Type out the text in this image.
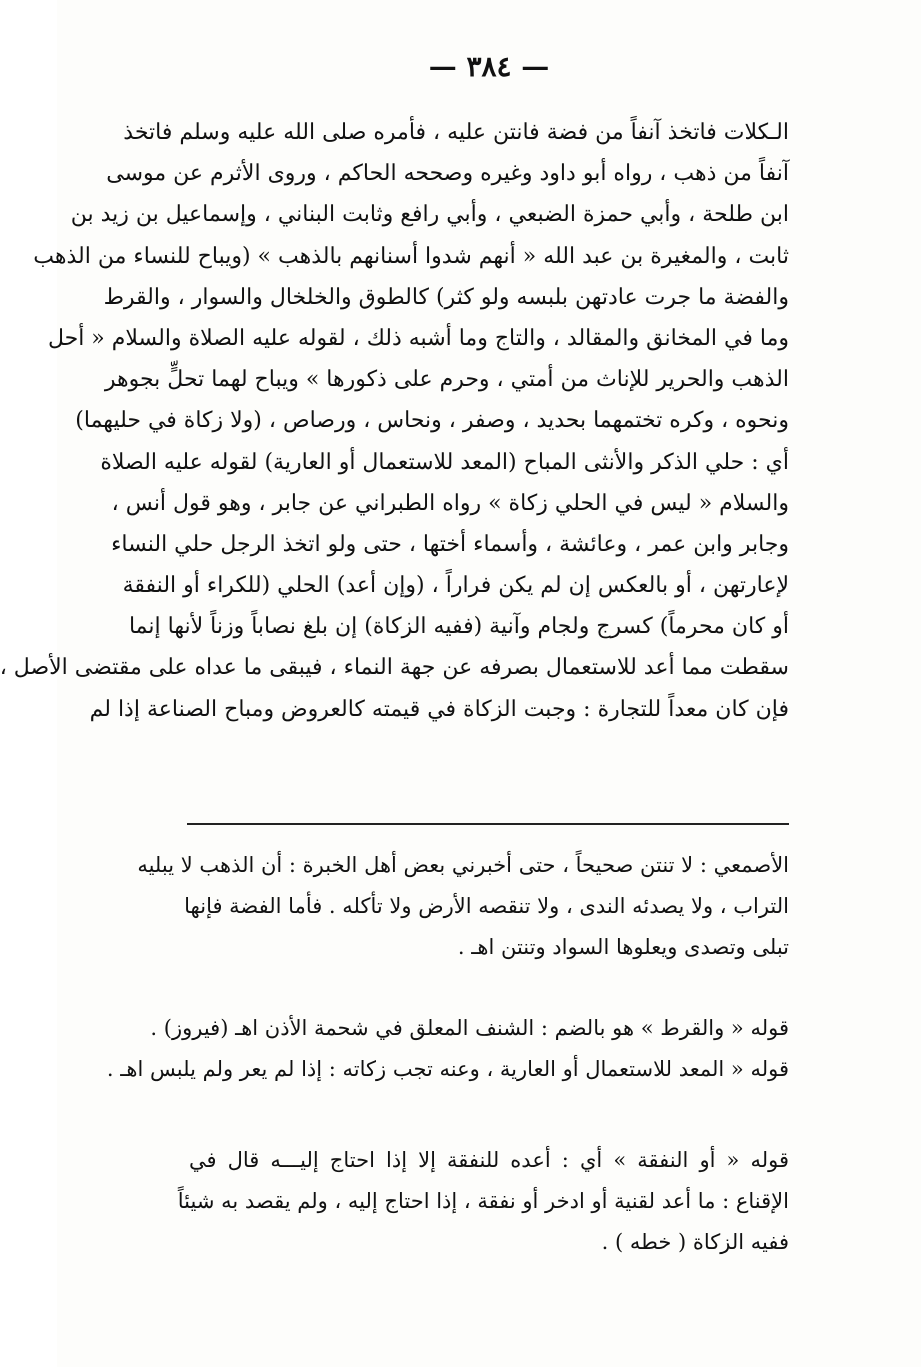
— ٣٨٤ —
الـكلات فاتخذ آنفاً من فضة فانتن عليه ، فأمره صلى الله عليه وسلم فاتخذ
آنفاً من ذهب ، رواه أبو داود وغيره وصححه الحاكم ، وروى الأثرم عن موسى
ابن طلحة ، وأبي حمزة الضبعي ، وأبي رافع وثابت البناني ، وإسماعيل بن زيد بن
ثابت ، والمغيرة بن عبد الله « أنهم شدوا أسنانهم بالذهب » (ويباح للنساء من الذهب
والفضة ما جرت عادتهن بلبسه ولو كثر) كالطوق والخلخال والسوار ، والقرط
وما في المخانق والمقالد ، والتاج وما أشبه ذلك ، لقوله عليه الصلاة والسلام « أحل
الذهب والحرير للإناث من أمتي ، وحرم على ذكورها » ويباح لهما تحلٍّ بجوهر
ونحوه ، وكره تختمهما بحديد ، وصفر ، ونحاس ، ورصاص ، (ولا زكاة في حليهما)
أي : حلي الذكر والأنثى المباح (المعد للاستعمال أو العارية) لقوله عليه الصلاة
والسلام « ليس في الحلي زكاة » رواه الطبراني عن جابر ، وهو قول أنس ،
وجابر وابن عمر ، وعائشة ، وأسماء أختها ، حتى ولو اتخذ الرجل حلي النساء
لإعارتهن ، أو بالعكس إن لم يكن فراراً ، (وإن أعد) الحلي (للكراء أو النفقة
أو كان محرماً) كسرج ولجام وآنية (ففيه الزكاة) إن بلغ نصاباً وزناً لأنها إنما
سقطت مما أعد للاستعمال بصرفه عن جهة النماء ، فيبقى ما عداه على مقتضى الأصل ،
فإن كان معداً للتجارة : وجبت الزكاة في قيمته كالعروض ومباح الصناعة إذا لم
الأصمعي : لا تنتن صحيحاً ، حتى أخبرني بعض أهل الخبرة : أن الذهب لا يبليه
التراب ، ولا يصدئه الندى ، ولا تنقصه الأرض ولا تأكله . فأما الفضة فإنها
تبلى وتصدى ويعلوها السواد وتنتن اهـ .
قوله « والقرط » هو بالضم : الشنف المعلق في شحمة الأذن اهـ (فيروز) .
قوله « المعد للاستعمال أو العارية ، وعنه تجب زكاته : إذا لم يعر ولم يلبس اهـ .
قوله « أو النفقة » أي : أعده للنفقة إلا إذا احتاج إليـــه قال في
الإقناع : ما أعد لقنية أو ادخر أو نفقة ، إذا احتاج إليه ، ولم يقصد به شيئاً
ففيه الزكاة ( خطه ) .
